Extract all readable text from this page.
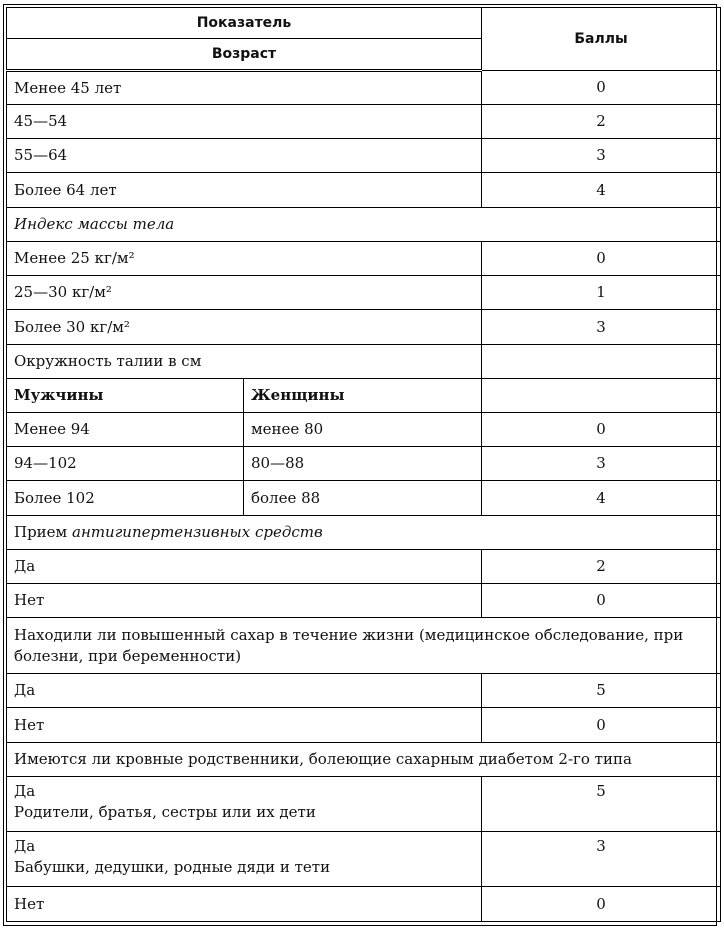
Показатель		Баллы
Возраст		
Менее 45 лет		0
45—54		2
55—64		3
Более 64 лет		4
Индекс массы тела		
Менее 25 кг/м²		0
25—30 кг/м²		1
Более 30 кг/м²		3
Окружность талии в см		
Мужчины	Женщины	
Менее 94	менее 80	0
94—102	80—88	3
Более 102	более 88	4
Прием антигипертензивных средств		
Да		2
Нет		0
Находили ли повышенный сахар в течение жизни (медицинское обследование, при болезни, при беременности)		
Да		5
Нет		0
Имеются ли кровные родственники, болеющие сахарным диабетом 2-го типа		

Да
Родители, братья, сестры или их дети		5

Да
Бабушки, дедушки, родные дяди и тети		3
Нет		0
